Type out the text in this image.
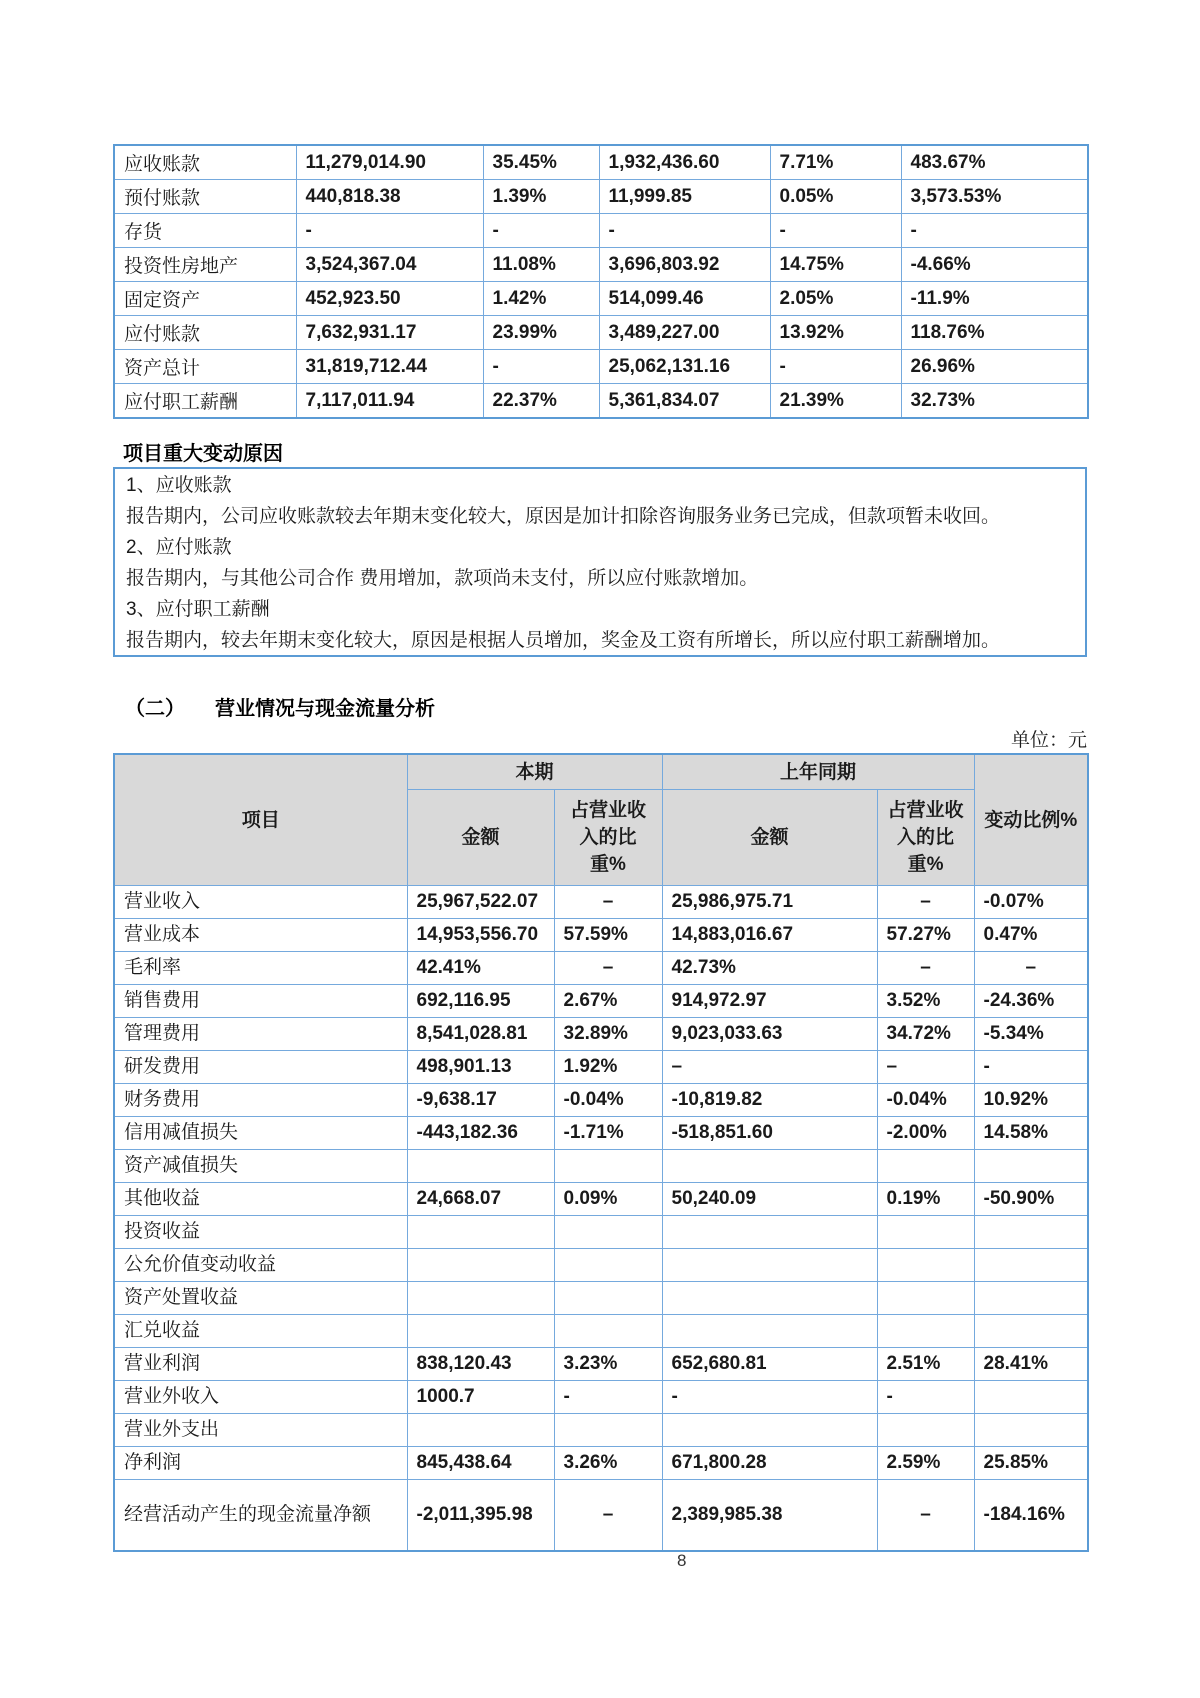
应收账款	11,279,014.90	35.45%	1,932,436.60	7.71%	483.67%
预付账款	440,818.38	1.39%	11,999.85	0.05%	3,573.53%
存货	-	-	-	-	-
投资性房地产	3,524,367.04	11.08%	3,696,803.92	14.75%	-4.66%
固定资产	452,923.50	1.42%	514,099.46	2.05%	-11.9%
应付账款	7,632,931.17	23.99%	3,489,227.00	13.92%	118.76%
资产总计	31,819,712.44	-	25,062,131.16	-	26.96%
应付职工薪酬	7,117,011.94	22.37%	5,361,834.07	21.39%	32.73%
项目重大变动原因
1、应收账款
报告期内，公司应收账款较去年期末变化较大，原因是加计扣除咨询服务业务已完成，但款项暂未收回。
2、应付账款
报告期内，与其他公司合作 费用增加，款项尚未支付，所以应付账款增加。
3、应付职工薪酬
报告期内，较去年期末变化较大，原因是根据人员增加，奖金及工资有所增长，所以应付职工薪酬增加。
（二） 营业情况与现金流量分析
单位：元
项目	本期		上年同期		变动比例%
	金额	占营业收入的比重%	金额	占营业收入的比重%	
营业收入	25,967,522.07	–	25,986,975.71	–	-0.07%
营业成本	14,953,556.70	57.59%	14,883,016.67	57.27%	0.47%
毛利率	42.41%	–	42.73%	–	–
销售费用	692,116.95	2.67%	914,972.97	3.52%	-24.36%
管理费用	8,541,028.81	32.89%	9,023,033.63	34.72%	-5.34%
研发费用	498,901.13	1.92%	–	–	-
财务费用	-9,638.17	-0.04%	-10,819.82	-0.04%	10.92%
信用减值损失	-443,182.36	-1.71%	-518,851.60	-2.00%	14.58%
资产减值损失					
其他收益	24,668.07	0.09%	50,240.09	0.19%	-50.90%
投资收益					
公允价值变动收益					
资产处置收益					
汇兑收益					
营业利润	838,120.43	3.23%	652,680.81	2.51%	28.41%
营业外收入	1000.7	-	-	-	
营业外支出					
净利润	845,438.64	3.26%	671,800.28	2.59%	25.85%
经营活动产生的现金流量净额	-2,011,395.98	–	2,389,985.38	–	-184.16%
8
